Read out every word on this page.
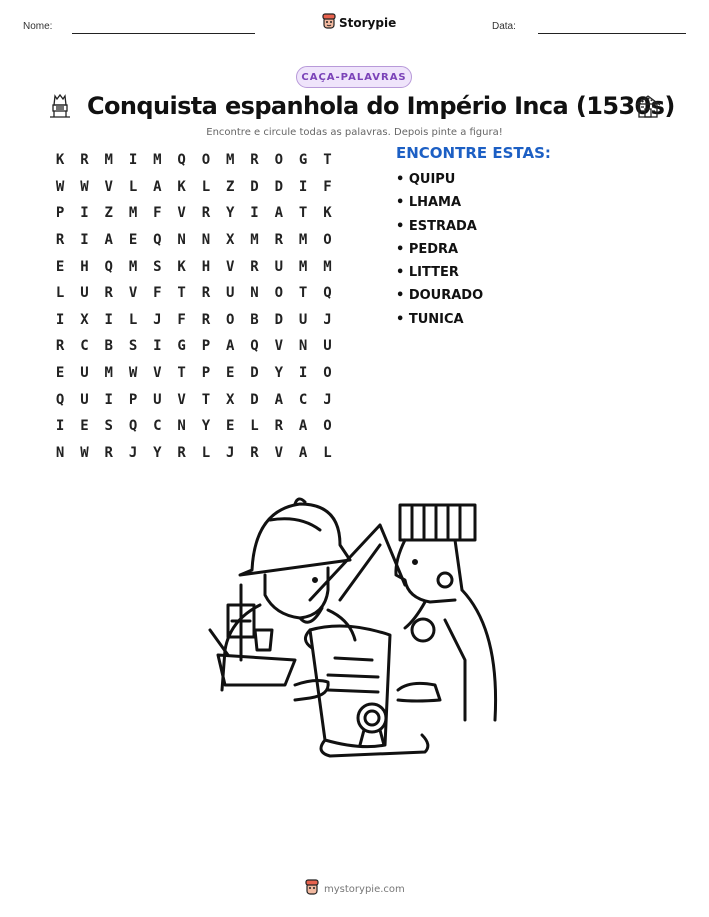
Nome:	Data:
Storypie
CAÇA-PALAVRAS
Conquista espanhola do Império Inca (1530s)
Encontre e circule todas as palavras. Depois pinte a figura!
K	R	M	I	M	Q	O	M	R	O	G	T
W	W	V	L	A	K	L	Z	D	D	I	F
P	I	Z	M	F	V	R	Y	I	A	T	K
R	I	A	E	Q	N	N	X	M	R	M	O
E	H	Q	M	S	K	H	V	R	U	M	M
L	U	R	V	F	T	R	U	N	O	T	Q
I	X	I	L	J	F	R	O	B	D	U	J
R	C	B	S	I	G	P	A	Q	V	N	U
E	U	M	W	V	T	P	E	D	Y	I	O
Q	U	I	P	U	V	T	X	D	A	C	J
I	E	S	Q	C	N	Y	E	L	R	A	O
N	W	R	J	Y	R	L	J	R	V	A	L
ENCONTRE ESTAS:
• QUIPU
• LHAMA
• ESTRADA
• PEDRA
• LITTER
• DOURADO
• TUNICA
mystorypie.com
